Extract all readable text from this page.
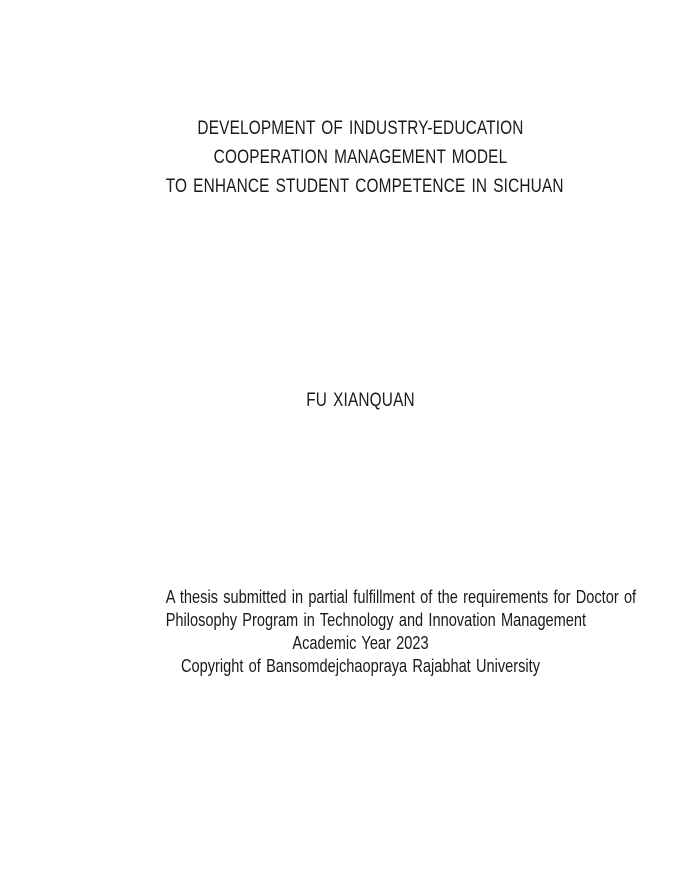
DEVELOPMENT OF INDUSTRY-EDUCATION
COOPERATION MANAGEMENT MODEL
TO ENHANCE STUDENT COMPETENCE IN SICHUAN
FU XIANQUAN
A thesis submitted in partial fulfillment of the requirements for Doctor of
Philosophy Program in Technology and Innovation Management
Academic Year 2023
Copyright of Bansomdejchaopraya Rajabhat University
